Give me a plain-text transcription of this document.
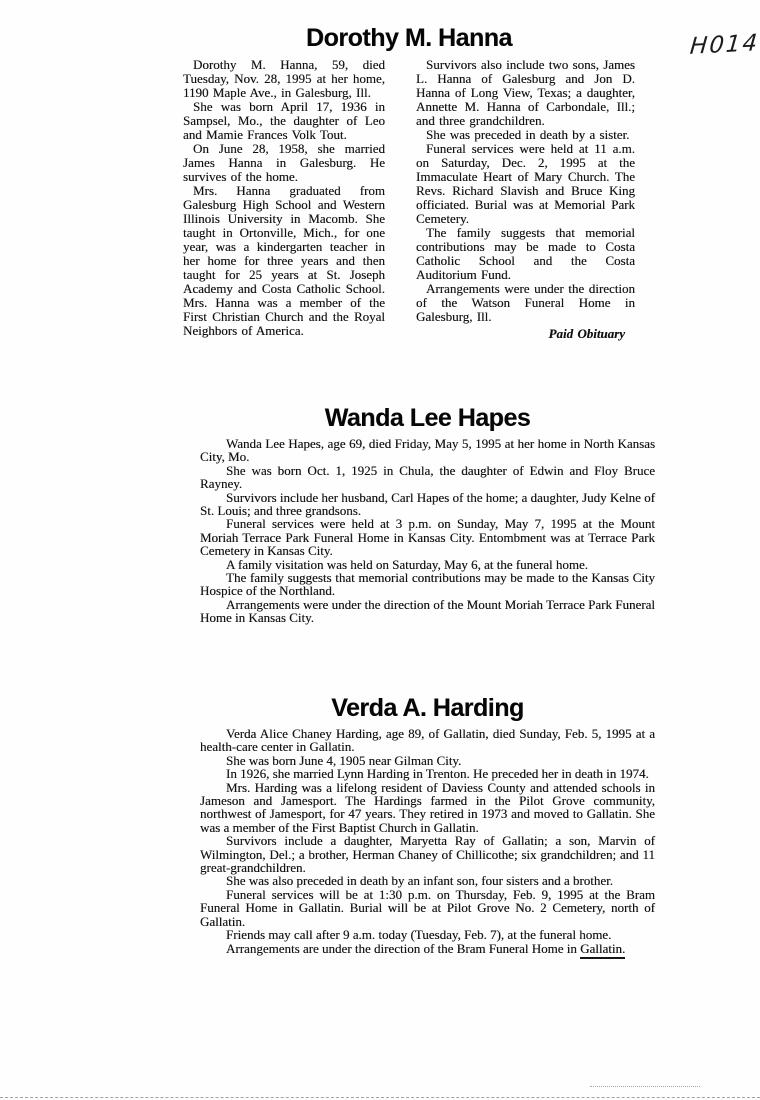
H014
Dorothy M. Hanna

Dorothy M. Hanna, 59, died Tuesday, Nov. 28, 1995 at her home, 1190 Maple Ave., in Galesburg, Ill.

She was born April 17, 1936 in Sampsel, Mo., the daughter of Leo and Mamie Frances Volk Tout.

On June 28, 1958, she married James Hanna in Galesburg. He survives of the home.

Mrs. Hanna graduated from Galesburg High School and Western Illinois University in Macomb. She taught in Ortonville, Mich., for one year, was a kindergarten teacher in her home for three years and then taught for 25 years at St. Joseph Academy and Costa Catholic School. Mrs. Hanna was a member of the First Christian Church and the Royal Neighbors of America.

Survivors also include two sons, James L. Hanna of Galesburg and Jon D. Hanna of Long View, Texas; a daughter, Annette M. Hanna of Carbondale, Ill.; and three grandchildren.

She was preceded in death by a sister.

Funeral services were held at 11 a.m. on Saturday, Dec. 2, 1995 at the Immaculate Heart of Mary Church. The Revs. Richard Slavish and Bruce King officiated. Burial was at Memorial Park Cemetery.

The family suggests that memorial contributions may be made to Costa Catholic School and the Costa Auditorium Fund.

Arrangements were under the direction of the Watson Funeral Home in Galesburg, Ill.

Paid Obituary

Wanda Lee Hapes

Wanda Lee Hapes, age 69, died Friday, May 5, 1995 at her home in North Kansas City, Mo.

She was born Oct. 1, 1925 in Chula, the daughter of Edwin and Floy Bruce Rayney.

Survivors include her husband, Carl Hapes of the home; a daughter, Judy Kelne of St. Louis; and three grandsons.

Funeral services were held at 3 p.m. on Sunday, May 7, 1995 at the Mount Moriah Terrace Park Funeral Home in Kansas City. Entombment was at Terrace Park Cemetery in Kansas City.

A family visitation was held on Saturday, May 6, at the funeral home.

The family suggests that memorial contributions may be made to the Kansas City Hospice of the Northland.

Arrangements were under the direction of the Mount Moriah Terrace Park Funeral Home in Kansas City.

Verda A. Harding

Verda Alice Chaney Harding, age 89, of Gallatin, died Sunday, Feb. 5, 1995 at a health-care center in Gallatin.

She was born June 4, 1905 near Gilman City.

In 1926, she married Lynn Harding in Trenton. He preceded her in death in 1974.

Mrs. Harding was a lifelong resident of Daviess County and attended schools in Jameson and Jamesport. The Hardings farmed in the Pilot Grove community, northwest of Jamesport, for 47 years. They retired in 1973 and moved to Gallatin. She was a member of the First Baptist Church in Gallatin.

Survivors include a daughter, Maryetta Ray of Gallatin; a son, Marvin of Wilmington, Del.; a brother, Herman Chaney of Chillicothe; six grandchildren; and 11 great-grandchildren.

She was also preceded in death by an infant son, four sisters and a brother.

Funeral services will be at 1:30 p.m. on Thursday, Feb. 9, 1995 at the Bram Funeral Home in Gallatin. Burial will be at Pilot Grove No. 2 Cemetery, north of Gallatin.

Friends may call after 9 a.m. today (Tuesday, Feb. 7), at the funeral home.

Arrangements are under the direction of the Bram Funeral Home in Gallatin.
